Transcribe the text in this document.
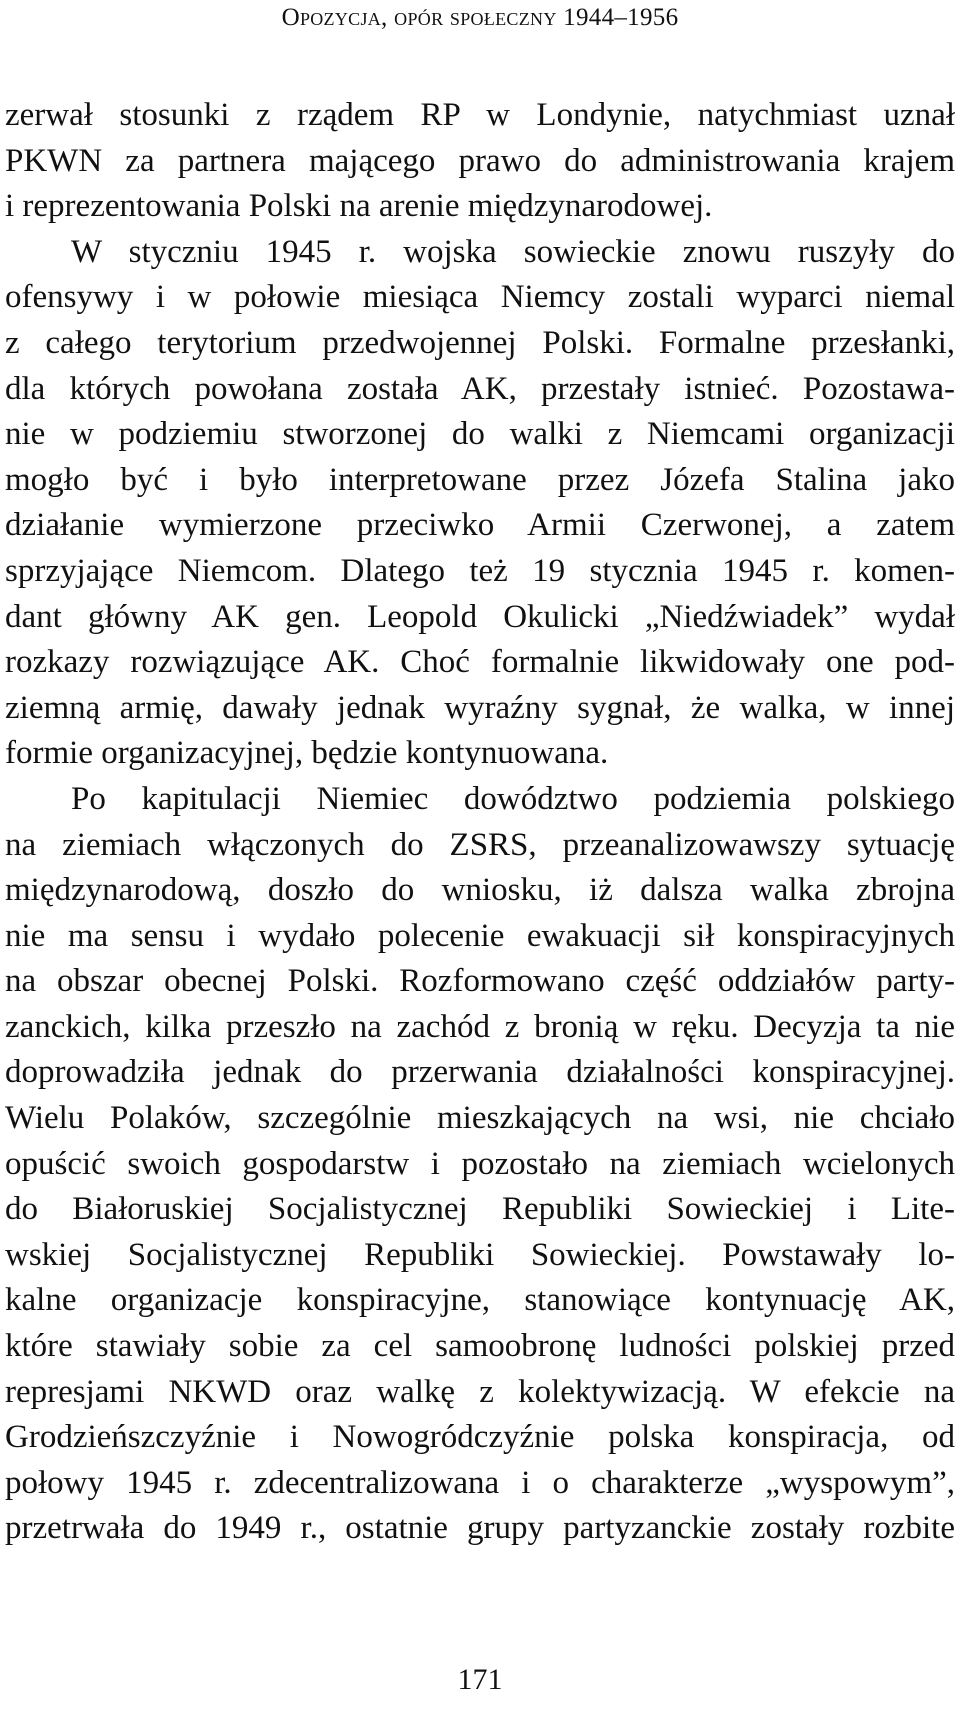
Opozycja, opór społeczny 1944–1956
zerwał stosunki z rządem RP w Londynie, natychmiast uznał
PKWN za partnera mającego prawo do administrowania krajem
i reprezentowania Polski na arenie międzynarodowej.
W styczniu 1945 r. wojska sowieckie znowu ruszyły do
ofensywy i w połowie miesiąca Niemcy zostali wyparci niemal
z całego terytorium przedwojennej Polski. Formalne przesłanki,
dla których powołana została AK, przestały istnieć. Pozostawa-
nie w podziemiu stworzonej do walki z Niemcami organizacji
mogło być i było interpretowane przez Józefa Stalina jako
działanie wymierzone przeciwko Armii Czerwonej, a zatem
sprzyjające Niemcom. Dlatego też 19 stycznia 1945 r. komen-
dant główny AK gen. Leopold Okulicki „Niedźwiadek” wydał
rozkazy rozwiązujące AK. Choć formalnie likwidowały one pod-
ziemną armię, dawały jednak wyraźny sygnał, że walka, w innej
formie organizacyjnej, będzie kontynuowana.
Po kapitulacji Niemiec dowództwo podziemia polskiego
na ziemiach włączonych do ZSRS, przeanalizowawszy sytuację
międzynarodową, doszło do wniosku, iż dalsza walka zbrojna
nie ma sensu i wydało polecenie ewakuacji sił konspiracyjnych
na obszar obecnej Polski. Rozformowano część oddziałów party-
zanckich, kilka przeszło na zachód z bronią w ręku. Decyzja ta nie
doprowadziła jednak do przerwania działalności konspiracyjnej.
Wielu Polaków, szczególnie mieszkających na wsi, nie chciało
opuścić swoich gospodarstw i pozostało na ziemiach wcielonych
do Białoruskiej Socjalistycznej Republiki Sowieckiej i Lite-
wskiej Socjalistycznej Republiki Sowieckiej. Powstawały lo-
kalne organizacje konspiracyjne, stanowiące kontynuację AK,
które stawiały sobie za cel samoobronę ludności polskiej przed
represjami NKWD oraz walkę z kolektywizacją. W efekcie na
Grodzieńszczyźnie i Nowogródczyźnie polska konspiracja, od
połowy 1945 r. zdecentralizowana i o charakterze „wyspowym”,
przetrwała do 1949 r., ostatnie grupy partyzanckie zostały rozbite
171
